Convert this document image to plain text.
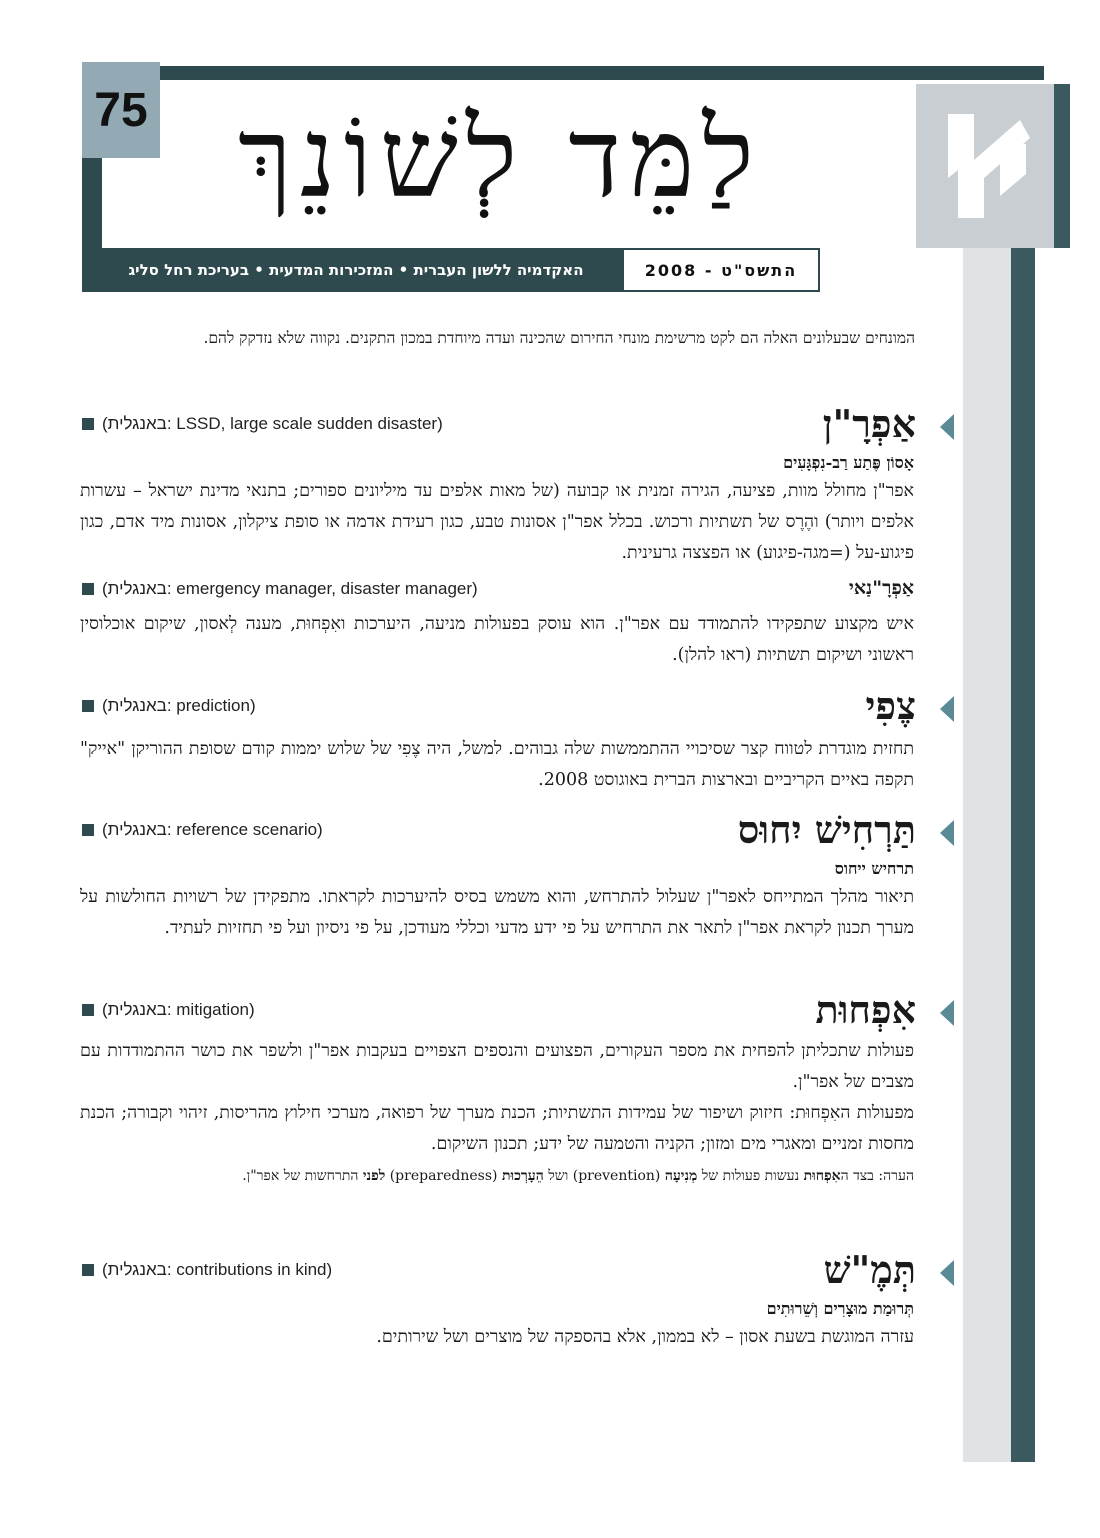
75 לַמֵּד לְשׁוֹנֵךְ
התשס"ט - 2008
האקדמיה ללשון העברית • המזכירות המדעית • בעריכת רחל סליג
המונחים שבעלונים האלה הם לקט מרשימת מונחי החירום שהכינה ועדה מיוחדת במכון התקנים. נקווה שלא נזדקק להם.
אַפְרָ"ן
(באנגלית: LSSD, large scale sudden disaster)
אָסוֹן פֶּתַע רַב-נִפְגָּעִים

אפר"ן מחולל מוות, פציעה, הגירה זמנית או קבועה (של מאות אלפים עד מיליונים ספורים; בתנאי מדינת ישראל – עשרות אלפים ויותר) והֶרֶס של תשתיות ורכוש. בכלל אפר"ן אסונות טבע, כגון רעידת אדמה או סופת ציקלון, אסונות מיד אדם, כגון פיגוע-על (=מגה-פיגוע) או הפצצה גרעינית.

אַפְרָ"נַאי
(באנגלית: emergency manager, disaster manager)

איש מקצוע שתפקידו להתמודד עם אפר"ן. הוא עוסק בפעולות מניעה, היערכות ואִפְחוּת, מענה לְאסון, שיקום אוכלוסין ראשוני ושיקום תשתיות (ראו להלן).

צֶפִי
(באנגלית: prediction)

תחזית מוגדרת לטווח קצר שסיכויי ההתממשות שלה גבוהים. למשל, היה צֶפִי של שלוש יממות קודם שסופת ההוריקן "אייק" תקפה באיים הקריביים ובארצות הברית באוגוסט 2008.

תַּרְחִישׁ יִחוּס
(באנגלית: reference scenario)
תרחיש ייחוס

תיאור מהלך המתייחס לאפר"ן שעלול להתרחש, והוא משמש בסיס להיערכות לקראתו. מתפקידן של רשויות החולשות על מערך תכנון לקראת אפר"ן לתאר את התרחיש על פי ידע מדעי וכללי מעודכן, על פי ניסיון ועל פי תחזיות לעתיד.

אִפְחוּת
(באנגלית: mitigation)

פעולות שתכליתן להפחית את מספר העקורים, הפצועים והנספים הצפויים בעקבות אפר"ן ולשפר את כושר ההתמודדות עם מצבים של אפר"ן.

מפעולות האִפְחוּת: חיזוק ושיפור של עמידות התשתיות; הכנת מערך של רפואה, מערכי חילוץ מהריסות, זיהוי וקבורה; הכנת מחסות זמניים ומאגרי מים ומזון; הקניה והטמעה של ידע; תכנון השיקום.

הערה: בצד האִפְחוּת נעשות פעולות של מְנִיעָה (prevention) ושל הֵעָרְכוּת (preparedness) לפני התרחשות של אפר"ן.
תְּמֶ"שׁ
(באנגלית: contributions in kind)
תְּרוּמַת מוּצָרִים וְשֵׁרוּתִים

עזרה המוגשת בשעת אסון – לא בממון, אלא בהספקה של מוצרים ושל שירותים.
